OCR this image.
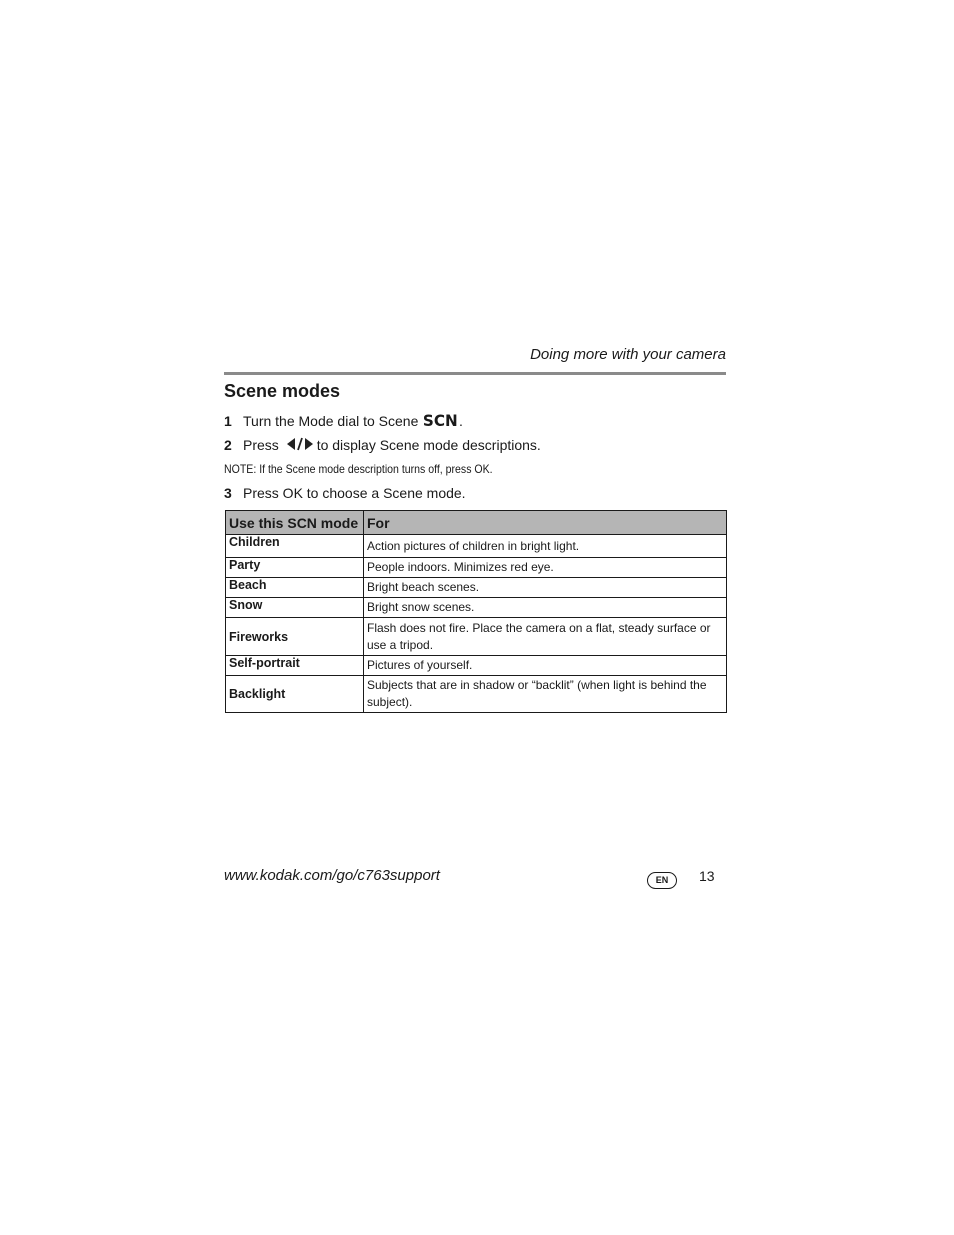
Doing more with your camera
Scene modes
1 Turn the Mode dial to Scene SCN.
2 Press	to display Scene mode descriptions.
NOTE: If the Scene mode description turns off, press OK.
3 Press OK to choose a Scene mode.
Use this SCN mode	For
Children	Action pictures of children in bright light.
Party	People indoors. Minimizes red eye.
Beach	Bright beach scenes.
Snow	Bright snow scenes.
Fireworks	Flash does not fire. Place the camera on a flat, steady surface or use a tripod.
Self-portrait	Pictures of yourself.
Backlight	Subjects that are in shadow or “backlit” (when light is behind the subject).
www.kodak.com/go/c763support	EN	13
